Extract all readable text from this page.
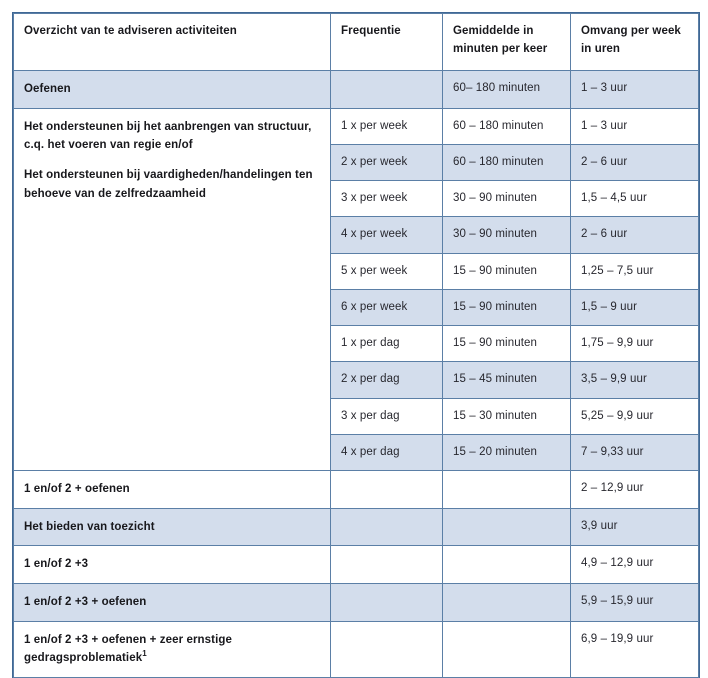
Overzicht van te adviseren activiteiten	Frequentie	Gemiddelde in minuten per keer	Omvang per week in uren

Oefenen		60– 180 minuten	1 – 3 uur

Het ondersteunen bij het aanbrengen van structuur, c.q. het voeren van regie en/of
Het ondersteunen bij vaardigheden/handelingen ten behoeve van de zelfredzaamheid	1 x per week	60 – 180 minuten	1 – 3 uur

	2 x per week	60 – 180 minuten	2 – 6 uur

	3 x per week	30 – 90 minuten	1,5 – 4,5 uur

	4 x per week	30 – 90 minuten	2 – 6 uur

	5 x per week	15 – 90 minuten	1,25 – 7,5 uur

	6 x per week	15 – 90 minuten	1,5 – 9 uur

	1 x per dag	15 – 90 minuten	1,75 – 9,9 uur

	2 x per dag	15 – 45 minuten	3,5 – 9,9 uur

	3 x per dag	15 – 30 minuten	5,25 – 9,9 uur

	4 x per dag	15 – 20 minuten	7 – 9,33 uur

1 en/of 2 + oefenen			2 – 12,9 uur

Het bieden van toezicht			3,9 uur

1 en/of 2 +3			4,9 – 12,9 uur

1 en/of 2 +3 + oefenen			5,9 – 15,9 uur

1 en/of 2 +3 + oefenen + zeer ernstige gedragsproblematiek$^1$			6,9 – 19,9 uur
